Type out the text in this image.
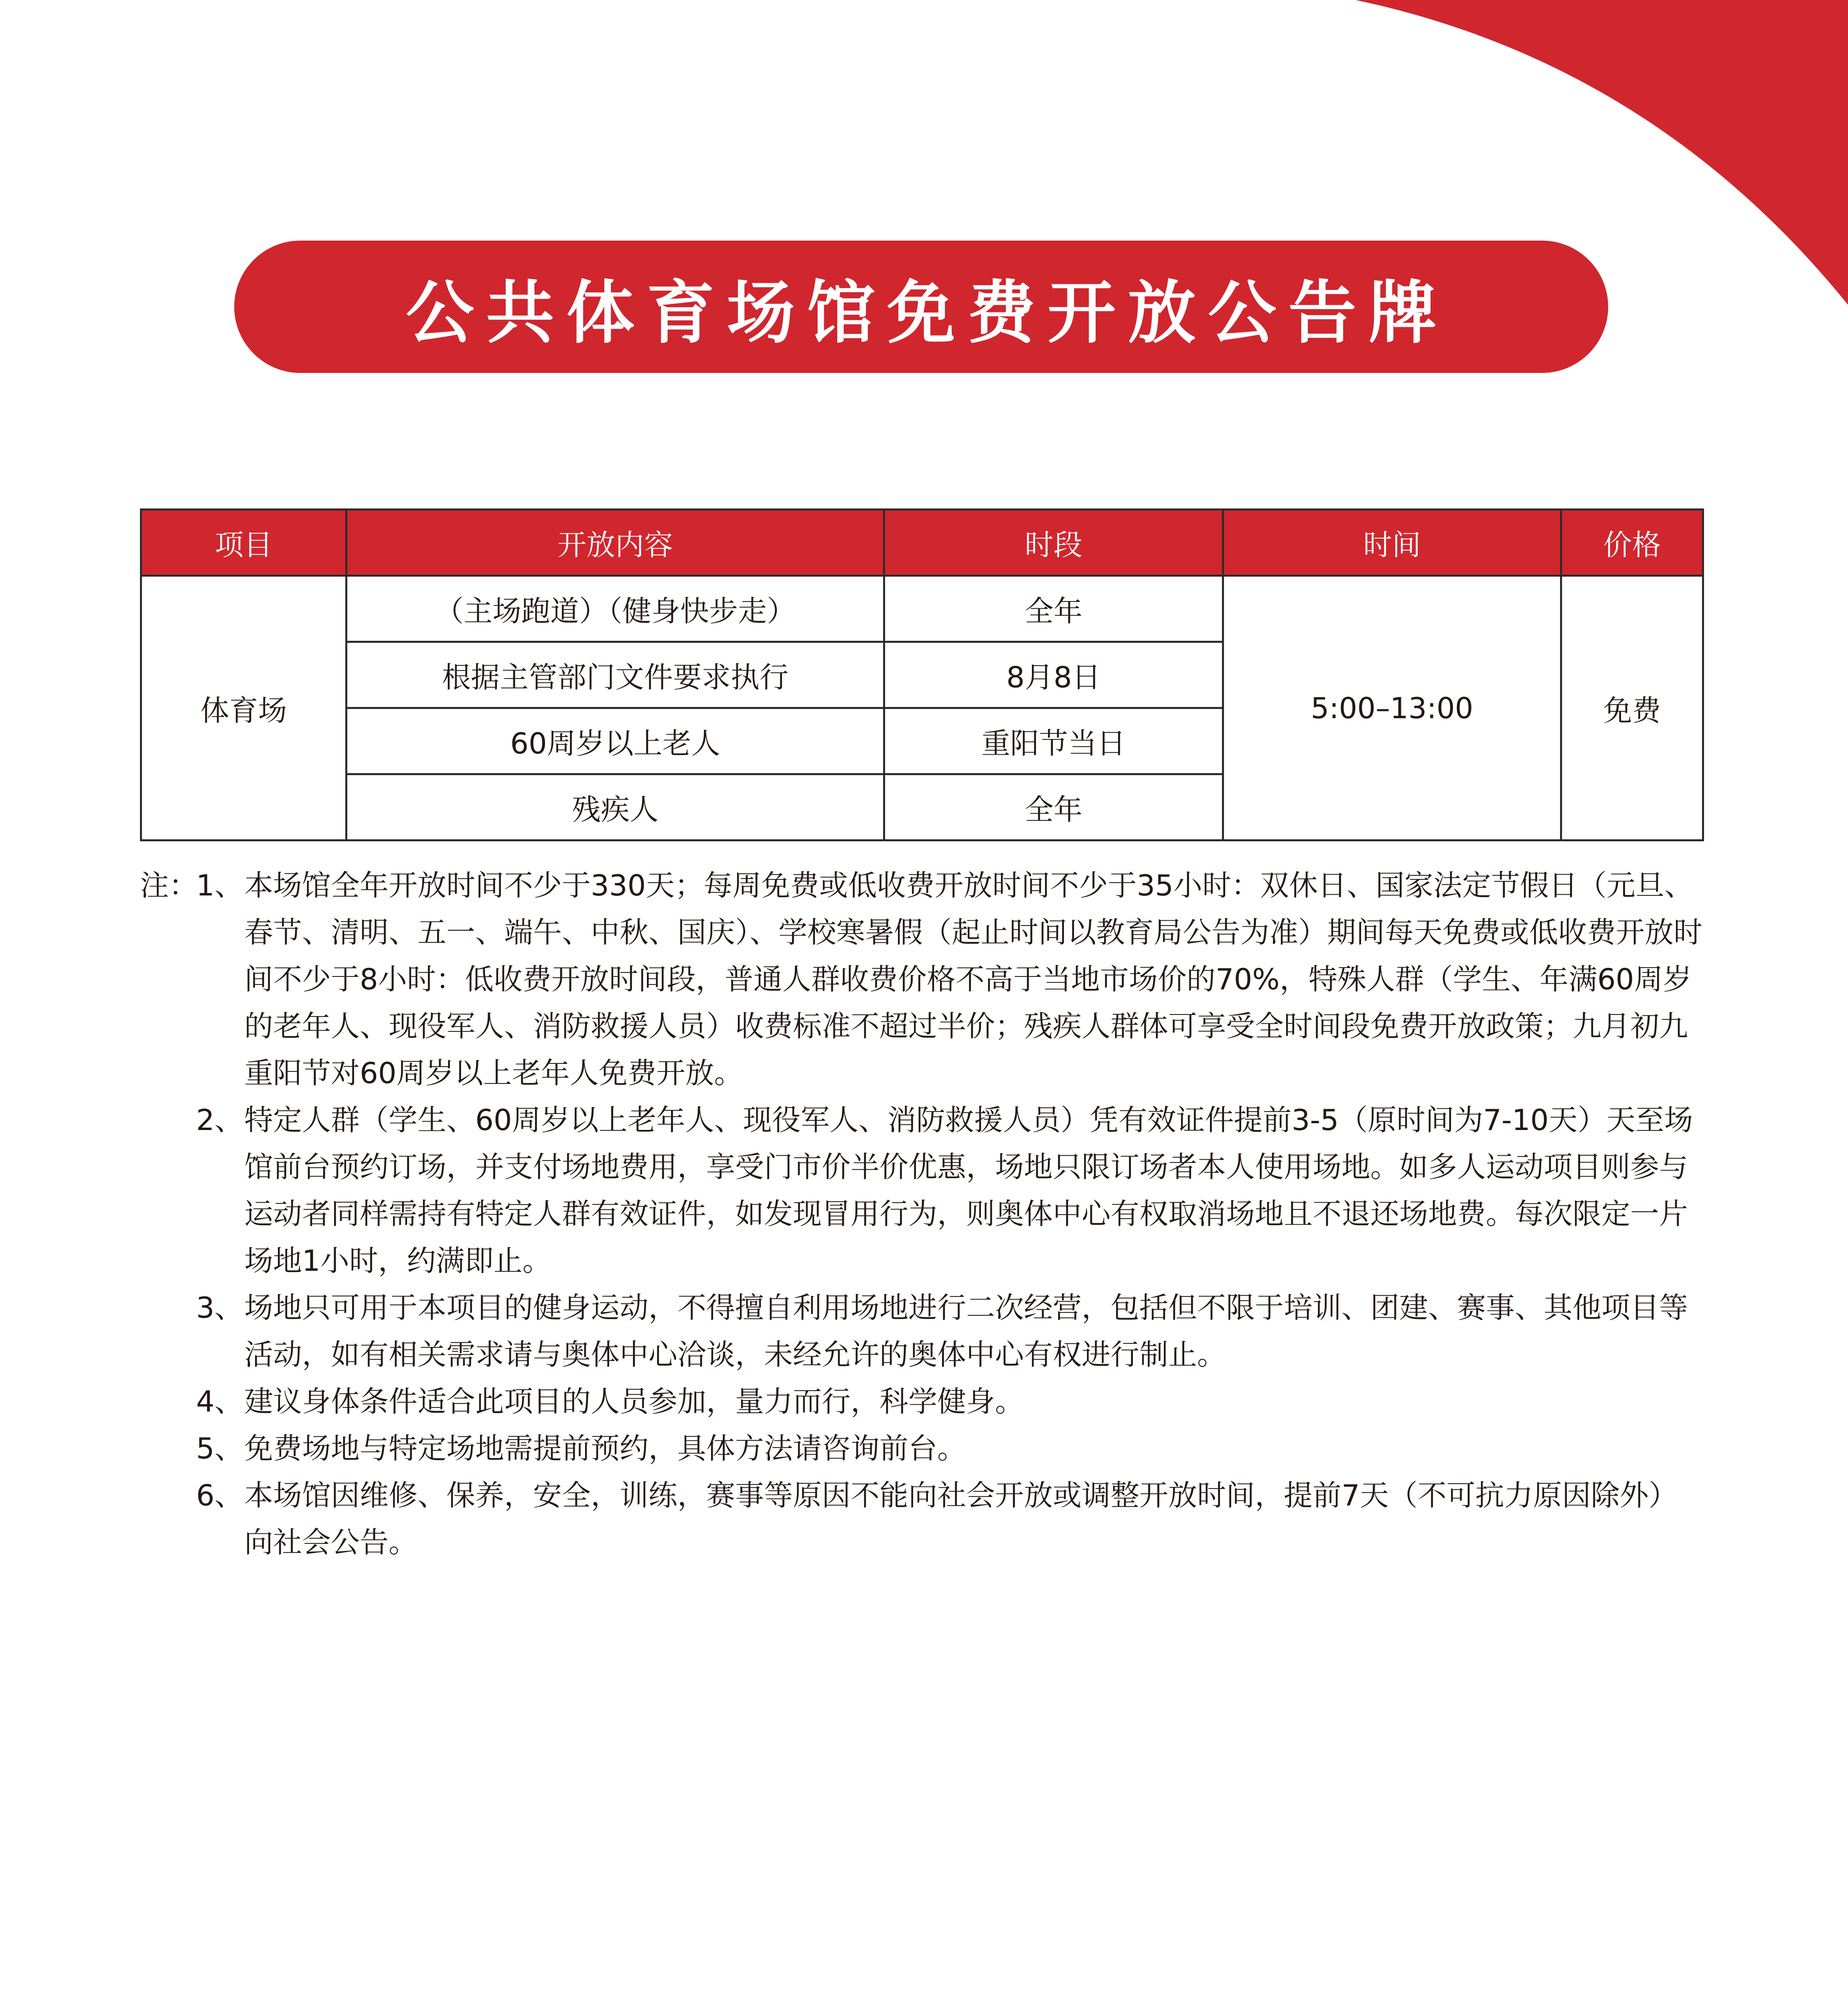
公共体育场馆免费开放公告牌
项目	开放内容	时段	时间	价格
体育场	（主场跑道）（健身快步走）	全年	5:00–13:00	免费
	根据主管部门文件要求执行	8月8日		
	60周岁以上老人	重阳节当日		
	残疾人	全年		
注：
1、 本场馆全年开放时间不少于330天；每周免费或低收费开放时间不少于35小时：双休日、国家法定节假日（元旦、春节、清明、五一、端午、中秋、国庆）、学校寒暑假（起止时间以教育局公告为准）期间每天免费或低收费开放时间不少于8小时：低收费开放时间段，普通人群收费价格不高于当地市场价的70%，特殊人群（学生、年满60周岁的老年人、现役军人、消防救援人员）收费标准不超过半价；残疾人群体可享受全时间段免费开放政策；九月初九重阳节对60周岁以上老年人免费开放。
2、 特定人群（学生、60周岁以上老年人、现役军人、消防救援人员）凭有效证件提前3-5（原时间为7-10天）天至场馆前台预约订场，并支付场地费用，享受门市价半价优惠，场地只限订场者本人使用场地。如多人运动项目则参与运动者同样需持有特定人群有效证件，如发现冒用行为，则奥体中心有权取消场地且不退还场地费。每次限定一片场地1小时，约满即止。
3、 场地只可用于本项目的健身运动，不得擅自利用场地进行二次经营，包括但不限于培训、团建、赛事、其他项目等活动，如有相关需求请与奥体中心洽谈，未经允许的奥体中心有权进行制止。
4、 建议身体条件适合此项目的人员参加，量力而行，科学健身。
5、 免费场地与特定场地需提前预约，具体方法请咨询前台。
6、 本场馆因维修、保养，安全，训练，赛事等原因不能向社会开放或调整开放时间，提前7天（不可抗力原因除外）向社会公告。
